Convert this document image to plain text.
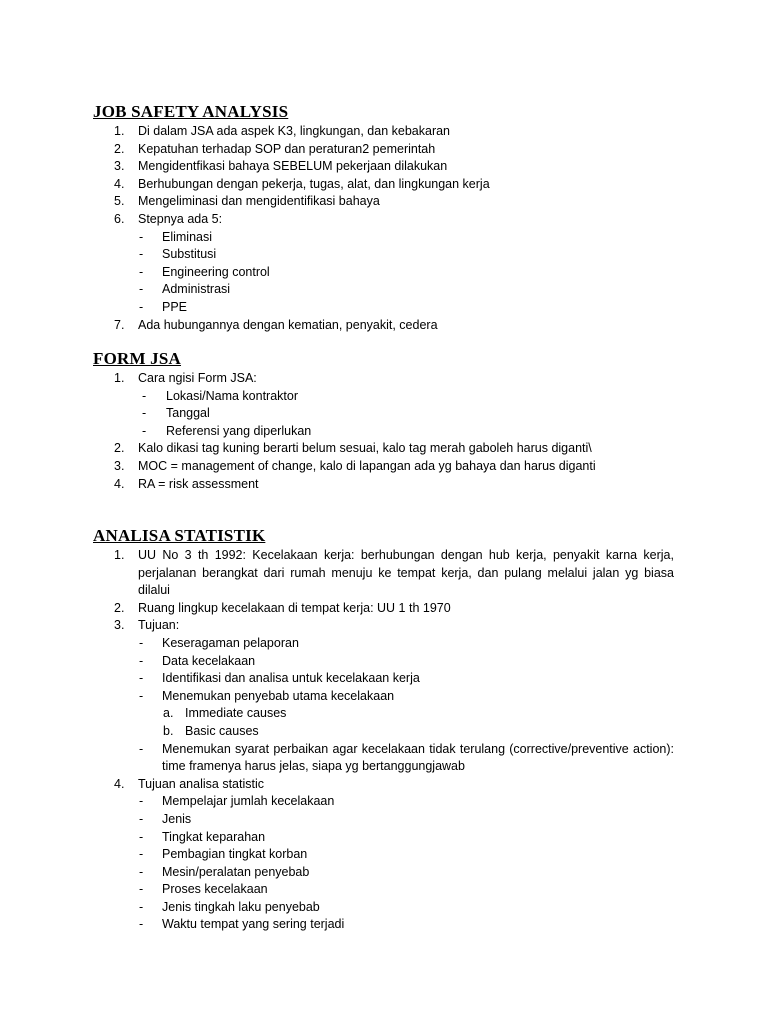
JOB SAFETY ANALYSIS
1. Di dalam JSA ada aspek K3, lingkungan, dan kebakaran
2. Kepatuhan terhadap SOP dan peraturan2 pemerintah
3. Mengidentfikasi bahaya SEBELUM pekerjaan dilakukan
4. Berhubungan dengan pekerja, tugas, alat, dan lingkungan kerja
5. Mengeliminasi dan mengidentifikasi bahaya
6. Stepnya ada 5:
- Eliminasi
- Substitusi
- Engineering control
- Administrasi
- PPE
7. Ada hubungannya dengan kematian, penyakit, cedera
FORM JSA
1. Cara ngisi Form JSA:
- Lokasi/Nama kontraktor
- Tanggal
- Referensi yang diperlukan
2. Kalo dikasi tag kuning berarti belum sesuai, kalo tag merah gaboleh harus diganti\
3. MOC = management of change, kalo di lapangan ada yg bahaya dan harus diganti
4. RA = risk assessment
ANALISA STATISTIK
1. UU No 3 th 1992: Kecelakaan kerja: berhubungan dengan hub kerja, penyakit karna kerja, perjalanan berangkat dari rumah menuju ke tempat kerja, dan pulang melalui jalan yg biasa dilalui
2. Ruang lingkup kecelakaan di tempat kerja: UU 1 th 1970
3. Tujuan:
- Keseragaman pelaporan
- Data kecelakaan
- Identifikasi dan analisa untuk kecelakaan kerja
- Menemukan penyebab utama kecelakaan
a. Immediate causes
b. Basic causes
- Menemukan syarat perbaikan agar kecelakaan tidak terulang (corrective/preventive action): time framenya harus jelas, siapa yg bertanggungjawab
4. Tujuan analisa statistic
- Mempelajar jumlah kecelakaan
- Jenis
- Tingkat keparahan
- Pembagian tingkat korban
- Mesin/peralatan penyebab
- Proses kecelakaan
- Jenis tingkah laku penyebab
- Waktu tempat yang sering terjadi
